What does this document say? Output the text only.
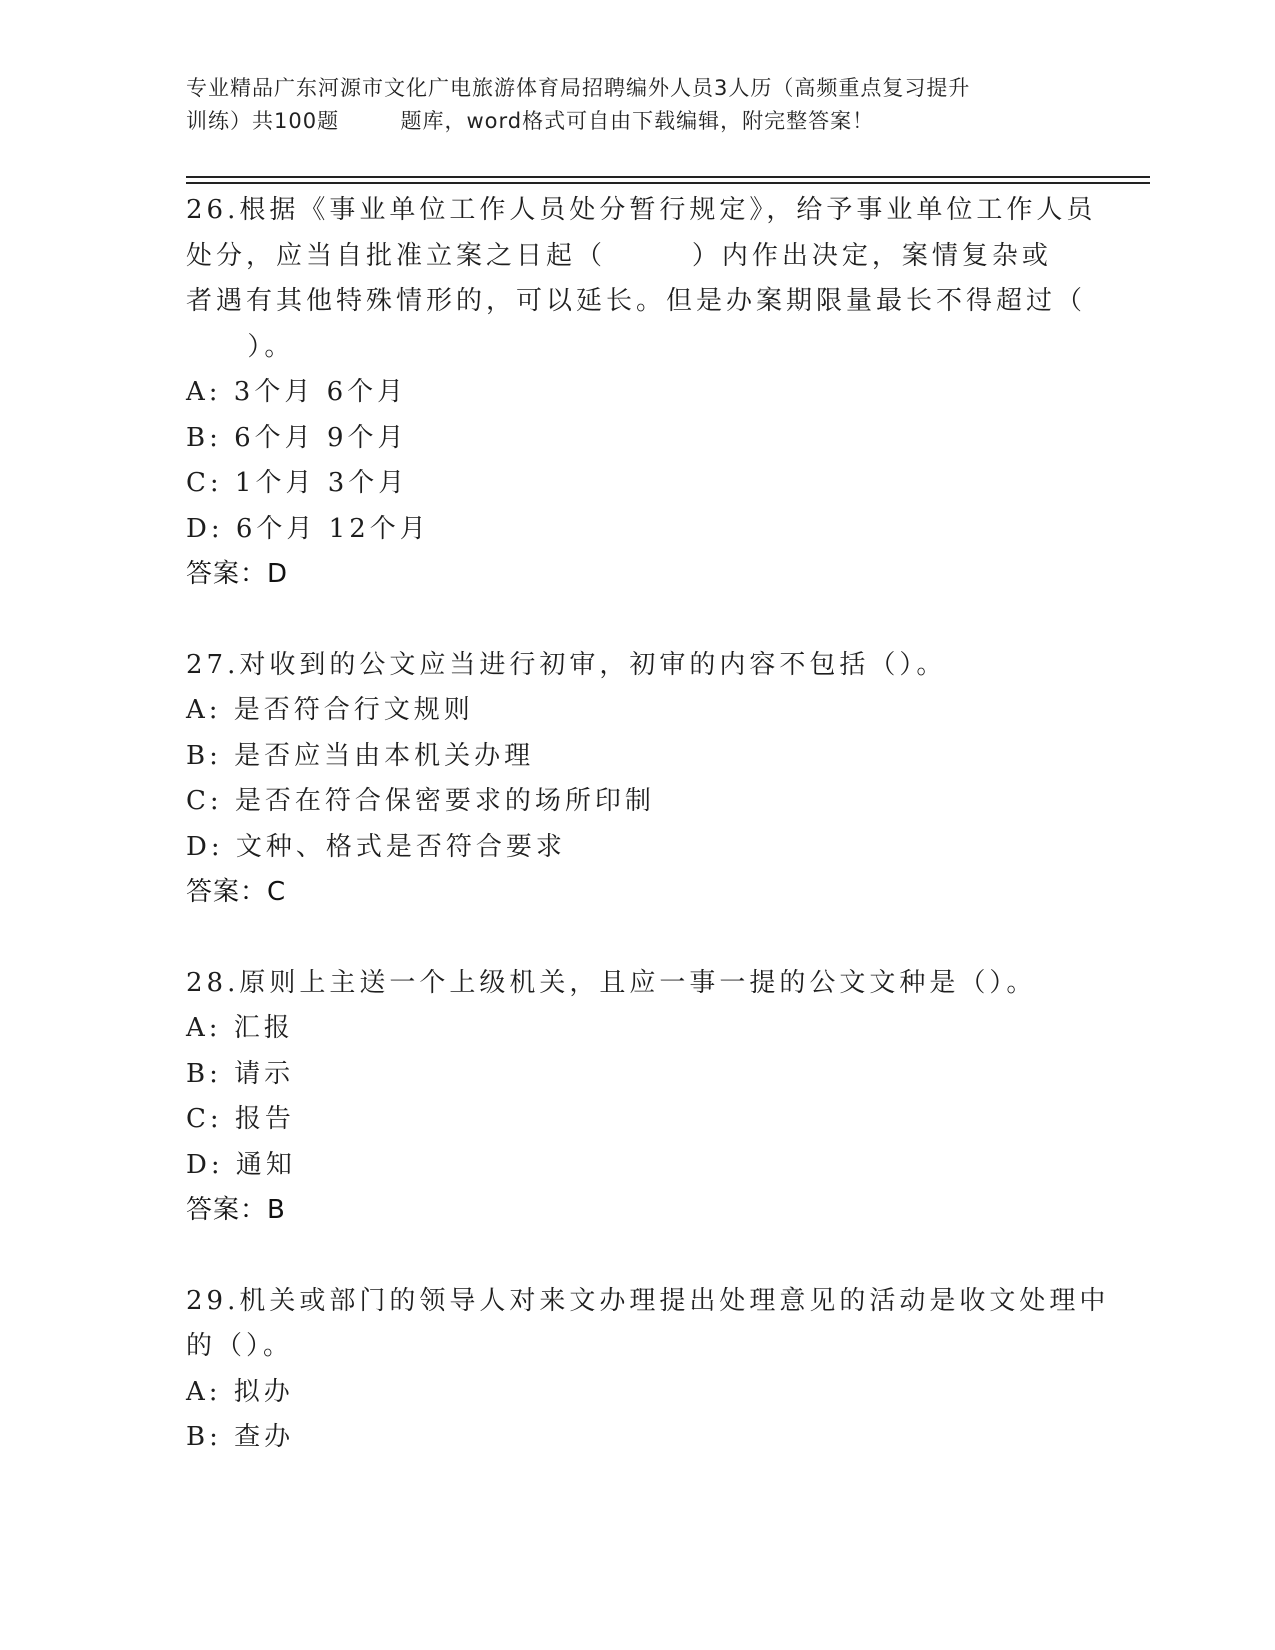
专业精品广东河源市文化广电旅游体育局招聘编外人员3人历（高频重点复习提升
训练）共100题        题库，word格式可自由下载编辑，附完整答案！
26.根据《事业单位工作人员处分暂行规定》，给予事业单位工作人员
处分，应当自批准立案之日起（       ）内作出决定，案情复杂或
者遇有其他特殊情形的，可以延长。但是办案期限量最长不得超过（
）。
A: 3个月 6个月
B: 6个月 9个月
C: 1个月 3个月
D: 6个月 12个月
答案：D
27.对收到的公文应当进行初审，初审的内容不包括（）。
A: 是否符合行文规则
B: 是否应当由本机关办理
C: 是否在符合保密要求的场所印制
D: 文种、格式是否符合要求
答案：C
28.原则上主送一个上级机关，且应一事一提的公文文种是（）。
A: 汇报
B: 请示
C: 报告
D: 通知
答案：B
29.机关或部门的领导人对来文办理提出处理意见的活动是收文处理中
的（）。
A: 拟办
B: 查办
